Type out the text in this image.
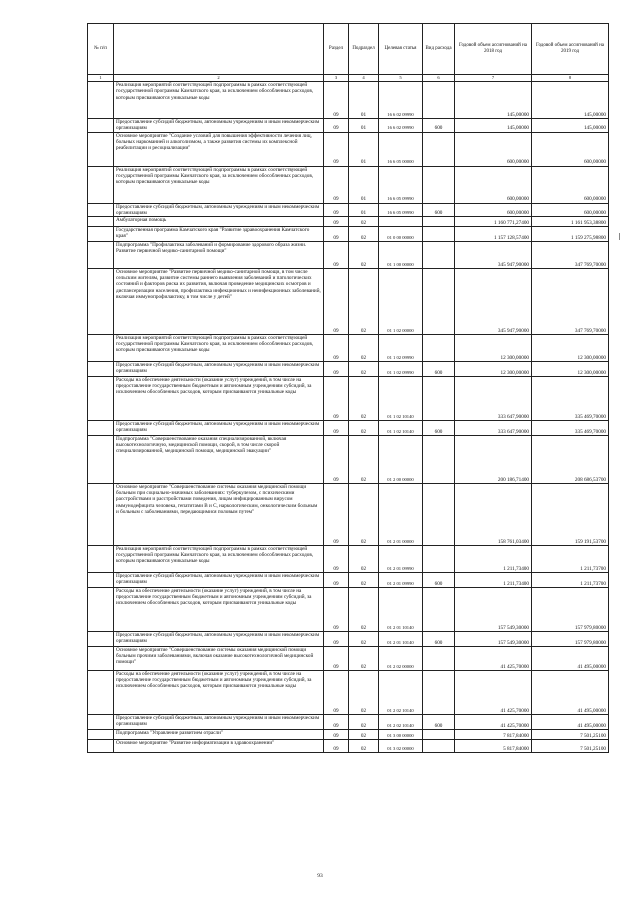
№ п/п		Раздел	Подраздел	Целевая статья	Вид расхода	Годовой объем ассигнований на 2018 год	Годовой объем ассигнований на 2019 год
1	2	3	4	5	6	7	8
	Реализация мероприятий соответствующей подпрограммы в рамках соответствующей государственной программы Камчатского края, за исключением обособленных расходов, которым присваиваются уникальные коды	09	01	16 6 02 09990		145,00000	145,00000
	Предоставление субсидий бюджетным, автономным учреждениям и иным некоммерческим организациям	09	01	16 6 02 09990	600	145,00000	145,00000
	Основное мероприятие "Создание условий для повышения эффективности лечения лиц, больных наркоманией и алкоголизмом, а также развития системы их комплексной реабилитации и ресоциализации"	09	01	16 6 05 00000		600,00000	600,00000
	Реализация мероприятий соответствующей подпрограммы в рамках соответствующей государственной программы Камчатского края, за исключением обособленных расходов, которым присваиваются уникальные коды	09	01	16 6 05 09990		600,00000	600,00000
	Предоставление субсидий бюджетным, автономным учреждениям и иным некоммерческим организациям	09	01	16 6 05 09990	600	600,00000	600,00000
	Амбулаторная помощь	09	02			1 160 771,27400	1 161 953,38800
	Государственная программа Камчатского края "Развитие здравоохранения Камчатского края"	09	02	01 0 00 00000		1 157 128,57400	1 159 275,98800
	Подпрограмма "Профилактика заболеваний и формирование здорового образа жизни. Развитие первичной медико-санитарной помощи"	09	02	01 1 00 00000		345 947,90000	347 769,70000
	Основное мероприятие "Развитие первичной медико-санитарной помощи, в том числе сельским жителям, развитие системы раннего выявления заболеваний и патологических состояний и факторов риска их развития, включая проведение медицинских осмотров и диспансеризации населения, профилактика инфекционных и неинфекционных заболеваний, включая иммунопрофилактику, в том числе у детей"	09	02	01 1 02 00000		345 947,90000	347 769,70000
	Реализация мероприятий соответствующей подпрограммы в рамках соответствующей государственной программы Камчатского края, за исключением обособленных расходов, которым присваиваются уникальные коды	09	02	01 1 02 09990		12 300,00000	12 300,00000
	Предоставление субсидий бюджетным, автономным учреждениям и иным некоммерческим организациям	09	02	01 1 02 09990	600	12 300,00000	12 300,00000
	Расходы на обеспечение деятельности (оказание услуг) учреждений, в том числе на предоставление государственным бюджетным и автономным учреждениям субсидий, за исключением обособленных расходов, которым присваиваются уникальные коды	09	02	01 1 02 10140		333 647,90000	335 469,70000
	Предоставление субсидий бюджетным, автономным учреждениям и иным некоммерческим организациям	09	02	01 1 02 10140	600	333 647,90000	335 469,70000
	Подпрограмма "Совершенствование оказания специализированной, включая высокотехнологичную, медицинской помощи, скорой, в том числе скорой специализированной, медицинской помощи, медицинской эвакуации"	09	02	01 2 00 00000		200 186,71400	208 686,53700
	Основное мероприятие "Совершенствование системы оказания медицинской помощи больным при социально-значимых заболеваниях: туберкулезом, с психическими расстройствами и расстройствами поведения, лицам инфицированным вирусом иммунодефицита человека, гепатитами В и С, наркологическим, онкологическим больным и больным с заболеваниями, передающимися половым путем"	09	02	01 2 01 00000		158 761,03400	159 191,53700
	Реализация мероприятий соответствующей подпрограммы в рамках соответствующей государственной программы Камчатского края, за исключением обособленных расходов, которым присваиваются уникальные коды	09	02	01 2 01 09990		1 211,73400	1 211,73700
	Предоставление субсидий бюджетным, автономным учреждениям и иным некоммерческим организациям	09	02	01 2 01 09990	600	1 211,73400	1 211,73700
	Расходы на обеспечение деятельности (оказание услуг) учреждений, в том числе на предоставление государственным бюджетным и автономным учреждениям субсидий, за исключением обособленных расходов, которым присваиваются уникальные коды	09	02	01 2 01 10140		157 549,30000	157 979,80000
	Предоставление субсидий бюджетным, автономным учреждениям и иным некоммерческим организациям	09	02	01 2 01 10140	600	157 549,30000	157 979,80000
	Основное мероприятие "Совершенствование системы оказания медицинской помощи больным прочими заболеваниями, включая оказание высокотехнологичной медицинской помощи"	09	02	01 2 02 00000		41 425,70000	41 495,00000
	Расходы на обеспечение деятельности (оказание услуг) учреждений, в том числе на предоставление государственным бюджетным и автономным учреждениям субсидий, за исключением обособленных расходов, которым присваиваются уникальные коды	09	02	01 2 02 10140		41 425,70000	41 495,00000
	Предоставление субсидий бюджетным, автономным учреждениям и иным некоммерческим организациям	09	02	01 2 02 10140	600	41 425,70000	41 495,00000
	Подпрограмма "Управление развитием отрасли"	09	02	01 3 00 00000		7 817,84000	7 501,25100
	Основное мероприятие "Развитие информатизации в здравоохранении"	09	02	01 3 02 00000		5 817,84000	7 501,25100
93
